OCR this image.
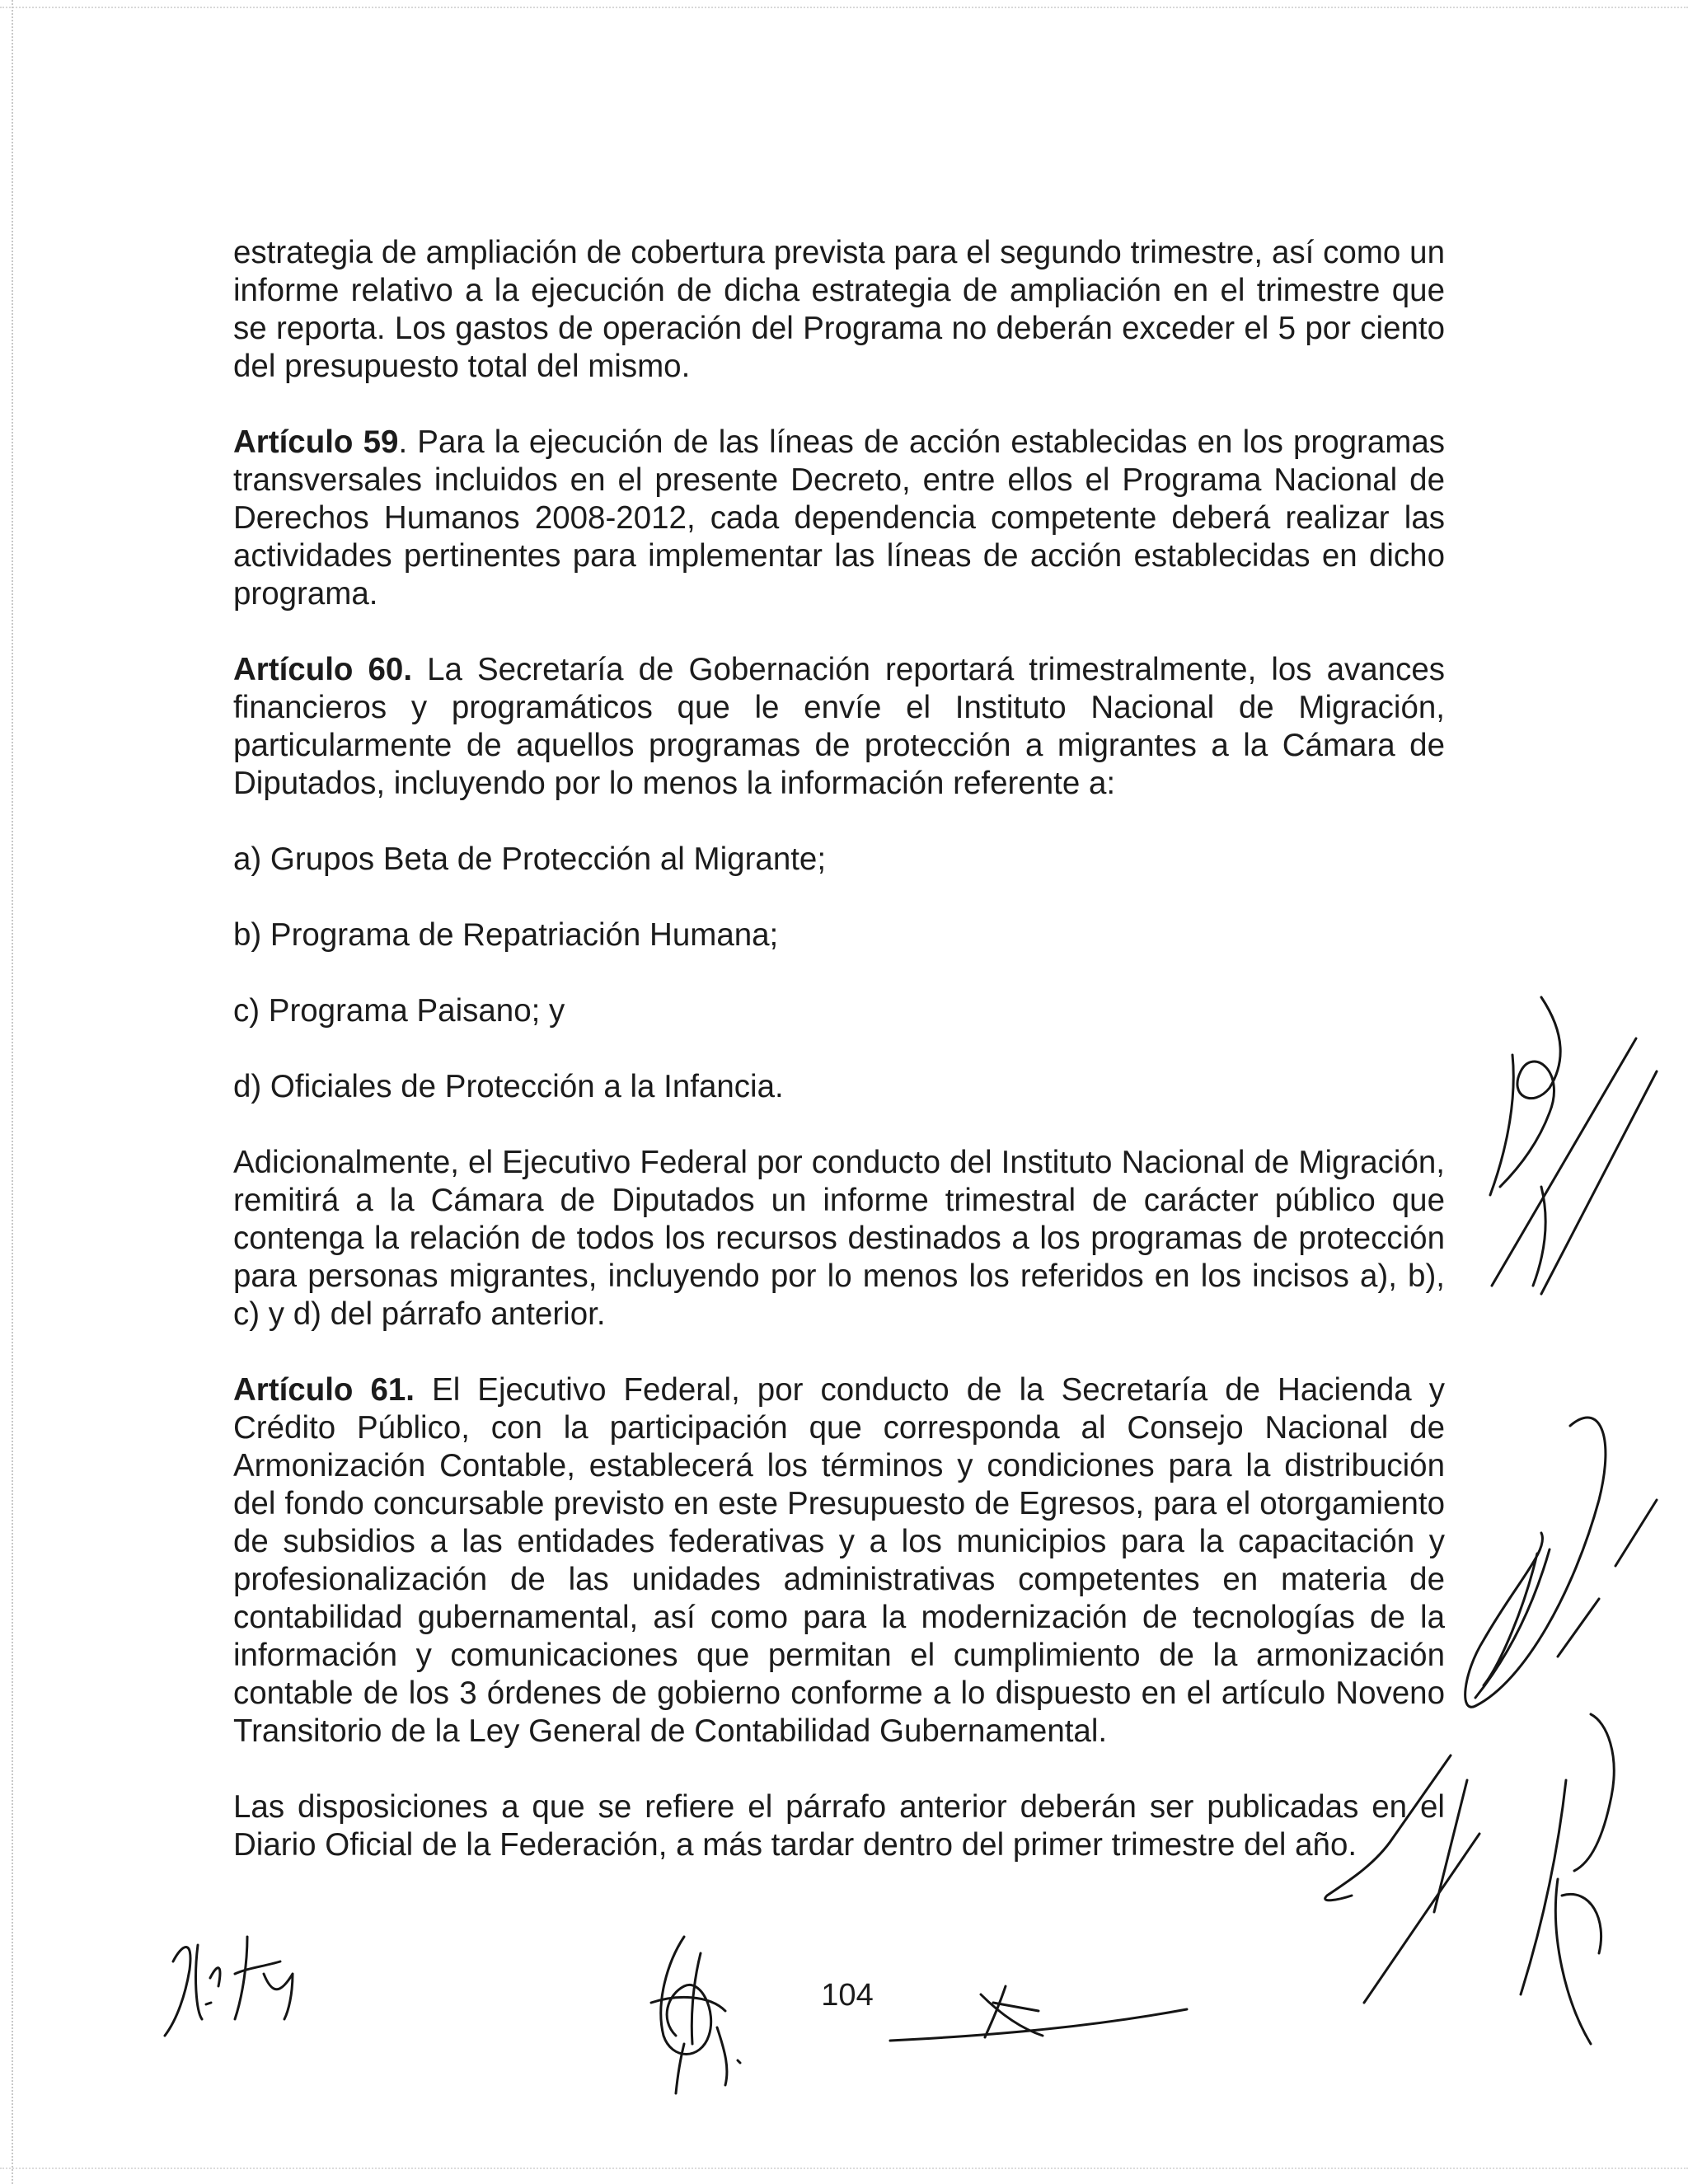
estrategia de ampliación de cobertura prevista para el segundo trimestre, así como un informe relativo a la ejecución de dicha estrategia de ampliación en el trimestre que se reporta. Los gastos de operación del Programa no deberán exceder el 5 por ciento del presupuesto total del mismo.

Artículo 59. Para la ejecución de las líneas de acción establecidas en los programas transversales incluidos en el presente Decreto, entre ellos el Programa Nacional de Derechos Humanos 2008-2012, cada dependencia competente deberá realizar las actividades pertinentes para implementar las líneas de acción establecidas en dicho programa.

Artículo 60. La Secretaría de Gobernación reportará trimestralmente, los avances financieros y programáticos que le envíe el Instituto Nacional de Migración, particularmente de aquellos programas de protección a migrantes a la Cámara de Diputados, incluyendo por lo menos la información referente a:

a) Grupos Beta de Protección al Migrante;

b) Programa de Repatriación Humana;

c) Programa Paisano; y

d) Oficiales de Protección a la Infancia.

Adicionalmente, el Ejecutivo Federal por conducto del Instituto Nacional de Migración, remitirá a la Cámara de Diputados un informe trimestral de carácter público que contenga la relación de todos los recursos destinados a los programas de protección para personas migrantes, incluyendo por lo menos los referidos en los incisos a), b), c) y d) del párrafo anterior.

Artículo 61. El Ejecutivo Federal, por conducto de la Secretaría de Hacienda y Crédito Público, con la participación que corresponda al Consejo Nacional de Armonización Contable, establecerá los términos y condiciones para la distribución del fondo concursable previsto en este Presupuesto de Egresos, para el otorgamiento de subsidios a las entidades federativas y a los municipios para la capacitación y profesionalización de las unidades administrativas competentes en materia de contabilidad gubernamental, así como para la modernización de tecnologías de la información y comunicaciones que permitan el cumplimiento de la armonización contable de los 3 órdenes de gobierno conforme a lo dispuesto en el artículo Noveno Transitorio de la Ley General de Contabilidad Gubernamental.

Las disposiciones a que se refiere el párrafo anterior deberán ser publicadas en el Diario Oficial de la Federación, a más tardar dentro del primer trimestre del año.

104
